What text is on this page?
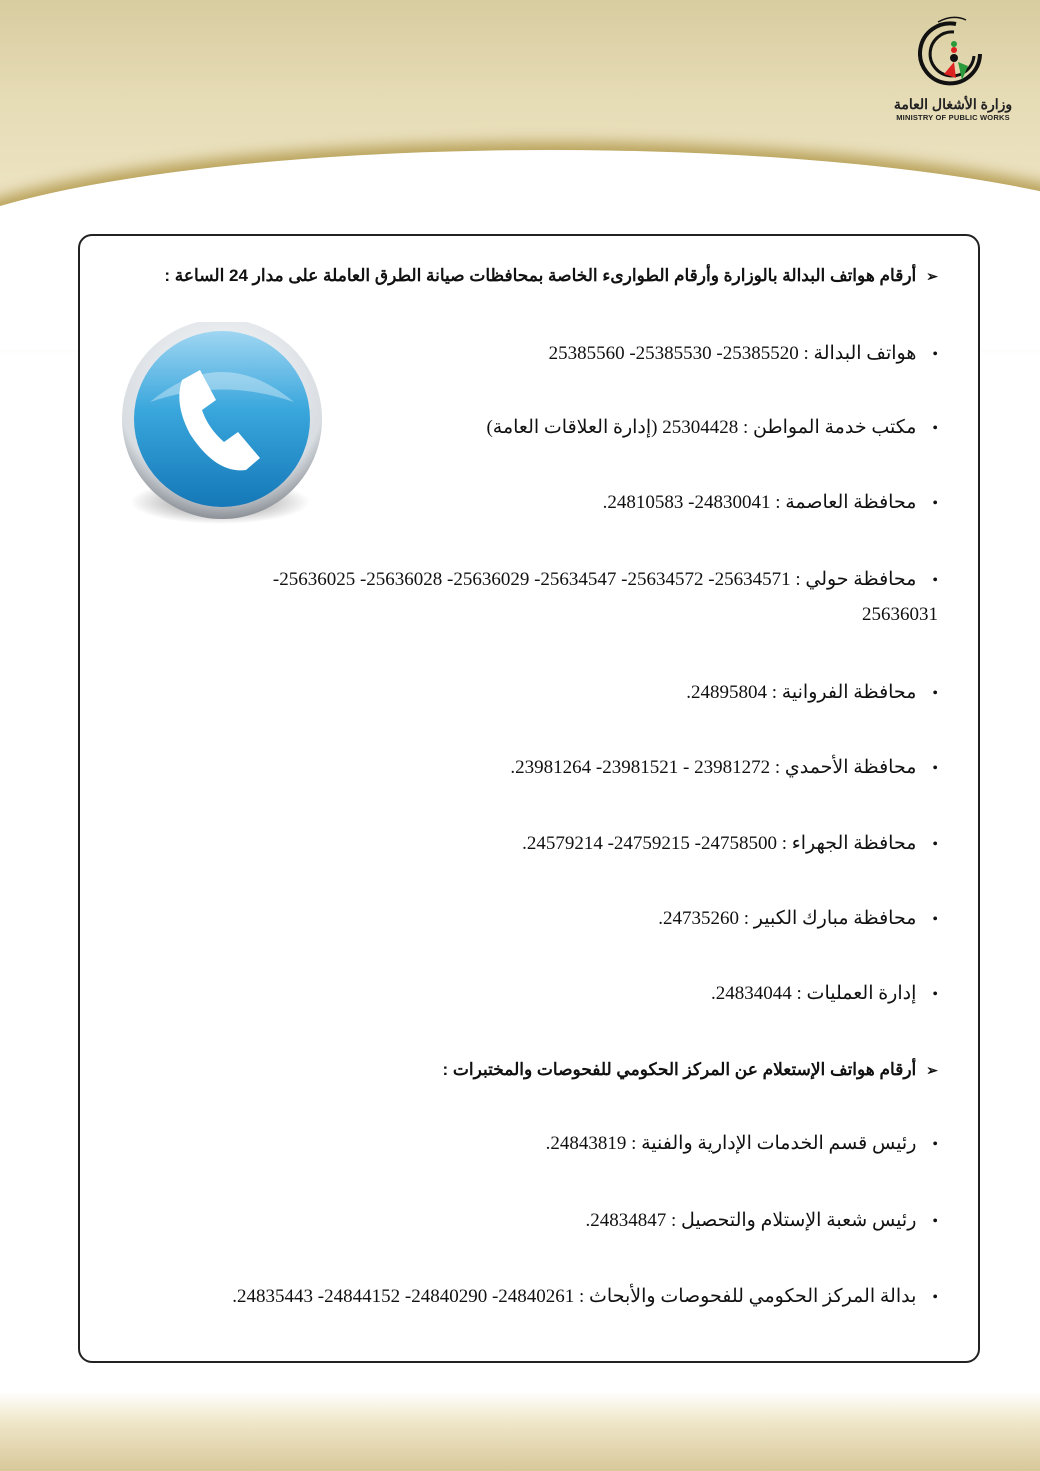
وزارة الأشغال العامة
MINISTRY OF PUBLIC WORKS
➢أرقام هواتف البدالة بالوزارة وأرقام الطوارىء الخاصة بمحافظات صيانة الطرق العاملة على مدار 24 الساعة :
• هواتف البدالة : 25385520- 25385530- 25385560
• مكتب خدمة المواطن : 25304428 (إدارة العلاقات العامة)
• محافظة العاصمة : 24830041- 24810583.
• محافظة حولي : 25634571- 25634572- 25634547- 25636029- 25636028- 25636025-
25636031
• محافظة الفروانية : 24895804.
• محافظة الأحمدي : 23981272 - 23981521- 23981264.
• محافظة الجهراء : 24758500- 24759215- 24579214.
• محافظة مبارك الكبير : 24735260.
• إدارة العمليات : 24834044.
➢أرقام هواتف الإستعلام عن المركز الحكومي للفحوصات والمختبرات :
• رئيس قسم الخدمات الإدارية والفنية : 24843819.
• رئيس شعبة الإستلام والتحصيل : 24834847.
• بدالة المركز الحكومي للفحوصات والأبحاث : 24840261- 24840290- 24844152- 24835443.
